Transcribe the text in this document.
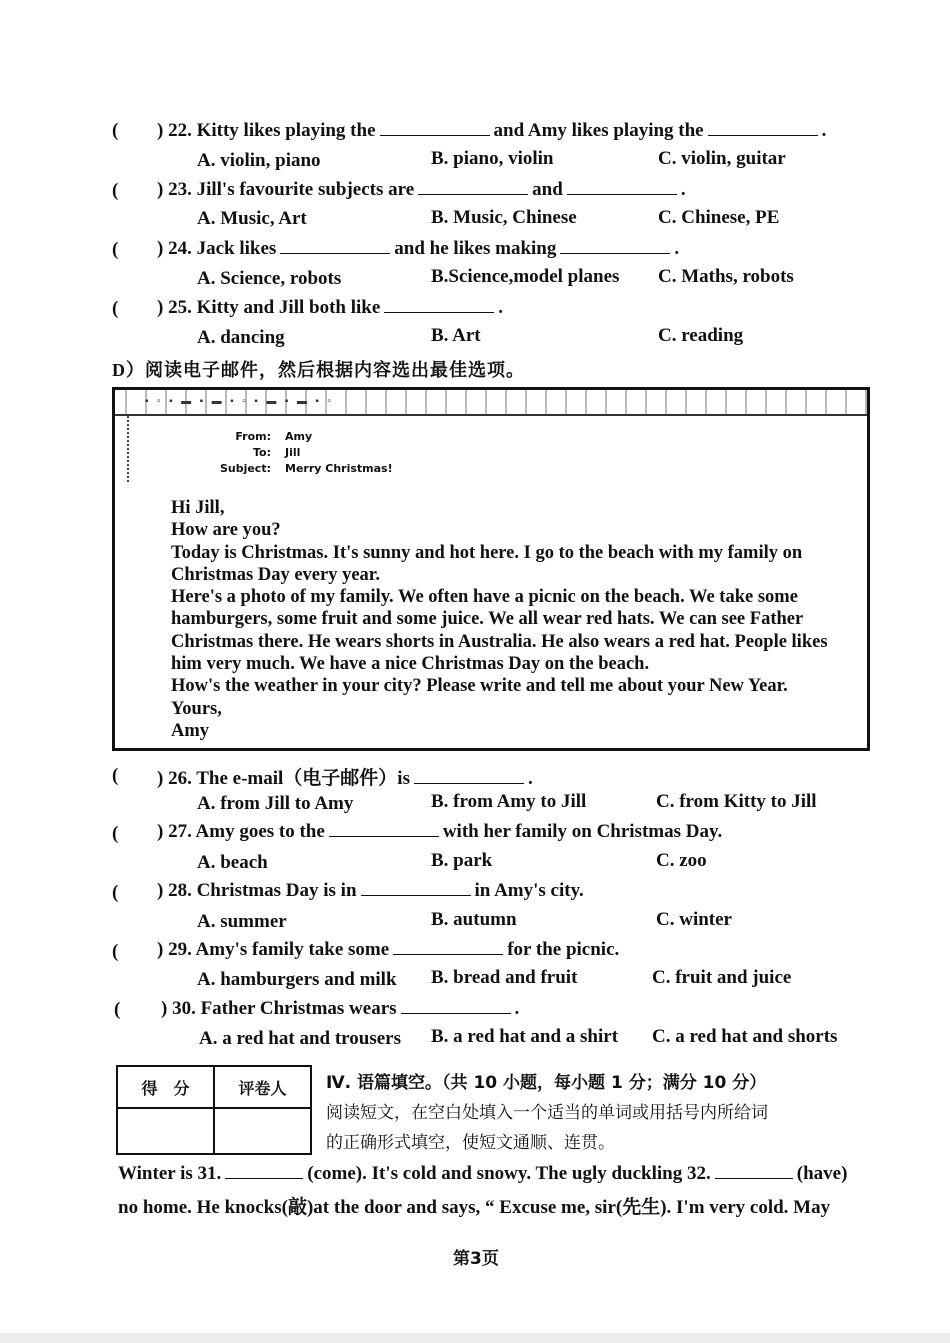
( ) 22. Kitty likes playing the	and Amy likes playing the	.
A. violin, piano	B. piano, violin	C. violin, guitar
( ) 23. Jill's favourite subjects are	and	.
A. Music, Art	B. Music, Chinese	C. Chinese, PE
( ) 24. Jack likes	and he likes making	.
A. Science, robots	B.Science,model planes C. Maths, robots
( ) 25. Kitty and Jill both like	.
A. dancing	B. Art	C. reading
D）阅读电子邮件，然后根据内容选出最佳选项。
▪ ▫ ▪ ▬ ▪ ▬ ▪ ▫ ▪ ▬ ▪ ▬ ▪ ▫
From: Amy
To: Jill
Subject: Merry Christmas!
Hi Jill,
How are you?
Today is Christmas. It's sunny and hot here. I go to the beach with my family on
Christmas Day every year.
Here's a photo of my family. We often have a picnic on the beach. We take some
hamburgers, some fruit and some juice. We all wear red hats. We can see Father
Christmas there. He wears shorts in Australia. He also wears a red hat. People likes
him very much. We have a nice Christmas Day on the beach.
How's the weather in your city? Please write and tell me about your New Year.
Yours,
Amy
( ) 26. The e-mail（电子邮件）is	.
A. from Jill to Amy	B. from Amy to Jill	C. from Kitty to Jill
( ) 27. Amy goes to the	with her family on Christmas Day.
A. beach	B. park	C. zoo
( ) 28. Christmas Day is in	in Amy's city.
A. summer	B. autumn	C. winter
( ) 29. Amy's family take some	for the picnic.
A. hamburgers and milk B. bread and fruit	C. fruit and juice
( ) 30. Father Christmas wears	.
A. a red hat and trousers B. a red hat and a shirt C. a red hat and shorts
得　分	评卷人
	Ⅳ. 语篇填空。（共 10 小题，每小题 1 分；满分 10 分）
阅读短文，在空白处填入一个适当的单词或用括号内所给词
的正确形式填空，使短文通顺、连贯。
Winter is 31.	(come). It's cold and snowy. The ugly duckling 32.	(have)
no home. He knocks(敲)at the door and says, “ Excuse me, sir(先生). I'm very cold. May
第3页
